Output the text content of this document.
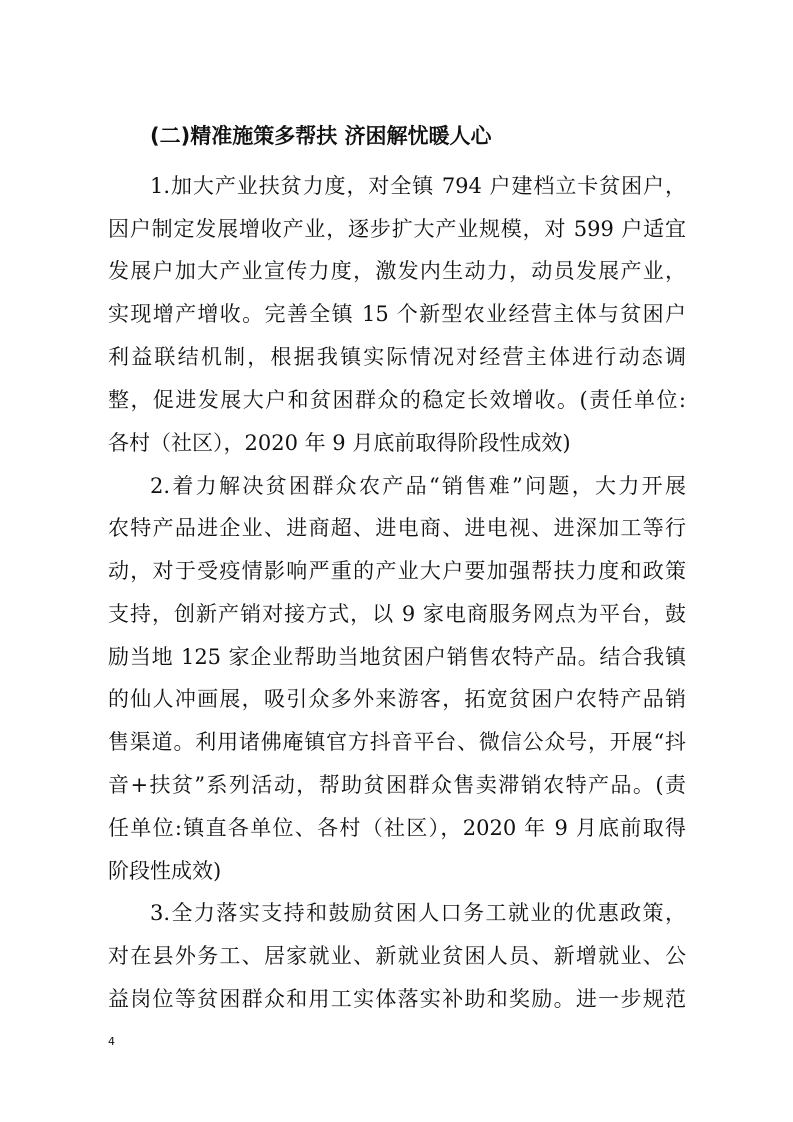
(二)精准施策多帮扶 济困解忧暖人心
1.加大产业扶贫力度，对全镇 794 户建档立卡贫困户，
因户制定发展增收产业，逐步扩大产业规模，对 599 户适宜
发展户加大产业宣传力度，激发内生动力，动员发展产业，
实现增产增收。完善全镇 15 个新型农业经营主体与贫困户
利益联结机制，根据我镇实际情况对经营主体进行动态调
整，促进发展大户和贫困群众的稳定长效增收。(责任单位:
各村（社区），2020 年 9 月底前取得阶段性成效)
2.着力解决贫困群众农产品“销售难”问题，大力开展
农特产品进企业、进商超、进电商、进电视、进深加工等行
动，对于受疫情影响严重的产业大户要加强帮扶力度和政策
支持，创新产销对接方式，以 9 家电商服务网点为平台，鼓
励当地 125 家企业帮助当地贫困户销售农特产品。结合我镇
的仙人冲画展，吸引众多外来游客，拓宽贫困户农特产品销
售渠道。利用诸佛庵镇官方抖音平台、微信公众号，开展“抖
音+扶贫”系列活动，帮助贫困群众售卖滞销农特产品。(责
任单位:镇直各单位、各村（社区），2020 年 9 月底前取得
阶段性成效)
3.全力落实支持和鼓励贫困人口务工就业的优惠政策，
对在县外务工、居家就业、新就业贫困人员、新增就业、公
益岗位等贫困群众和用工实体落实补助和奖励。进一步规范
4
